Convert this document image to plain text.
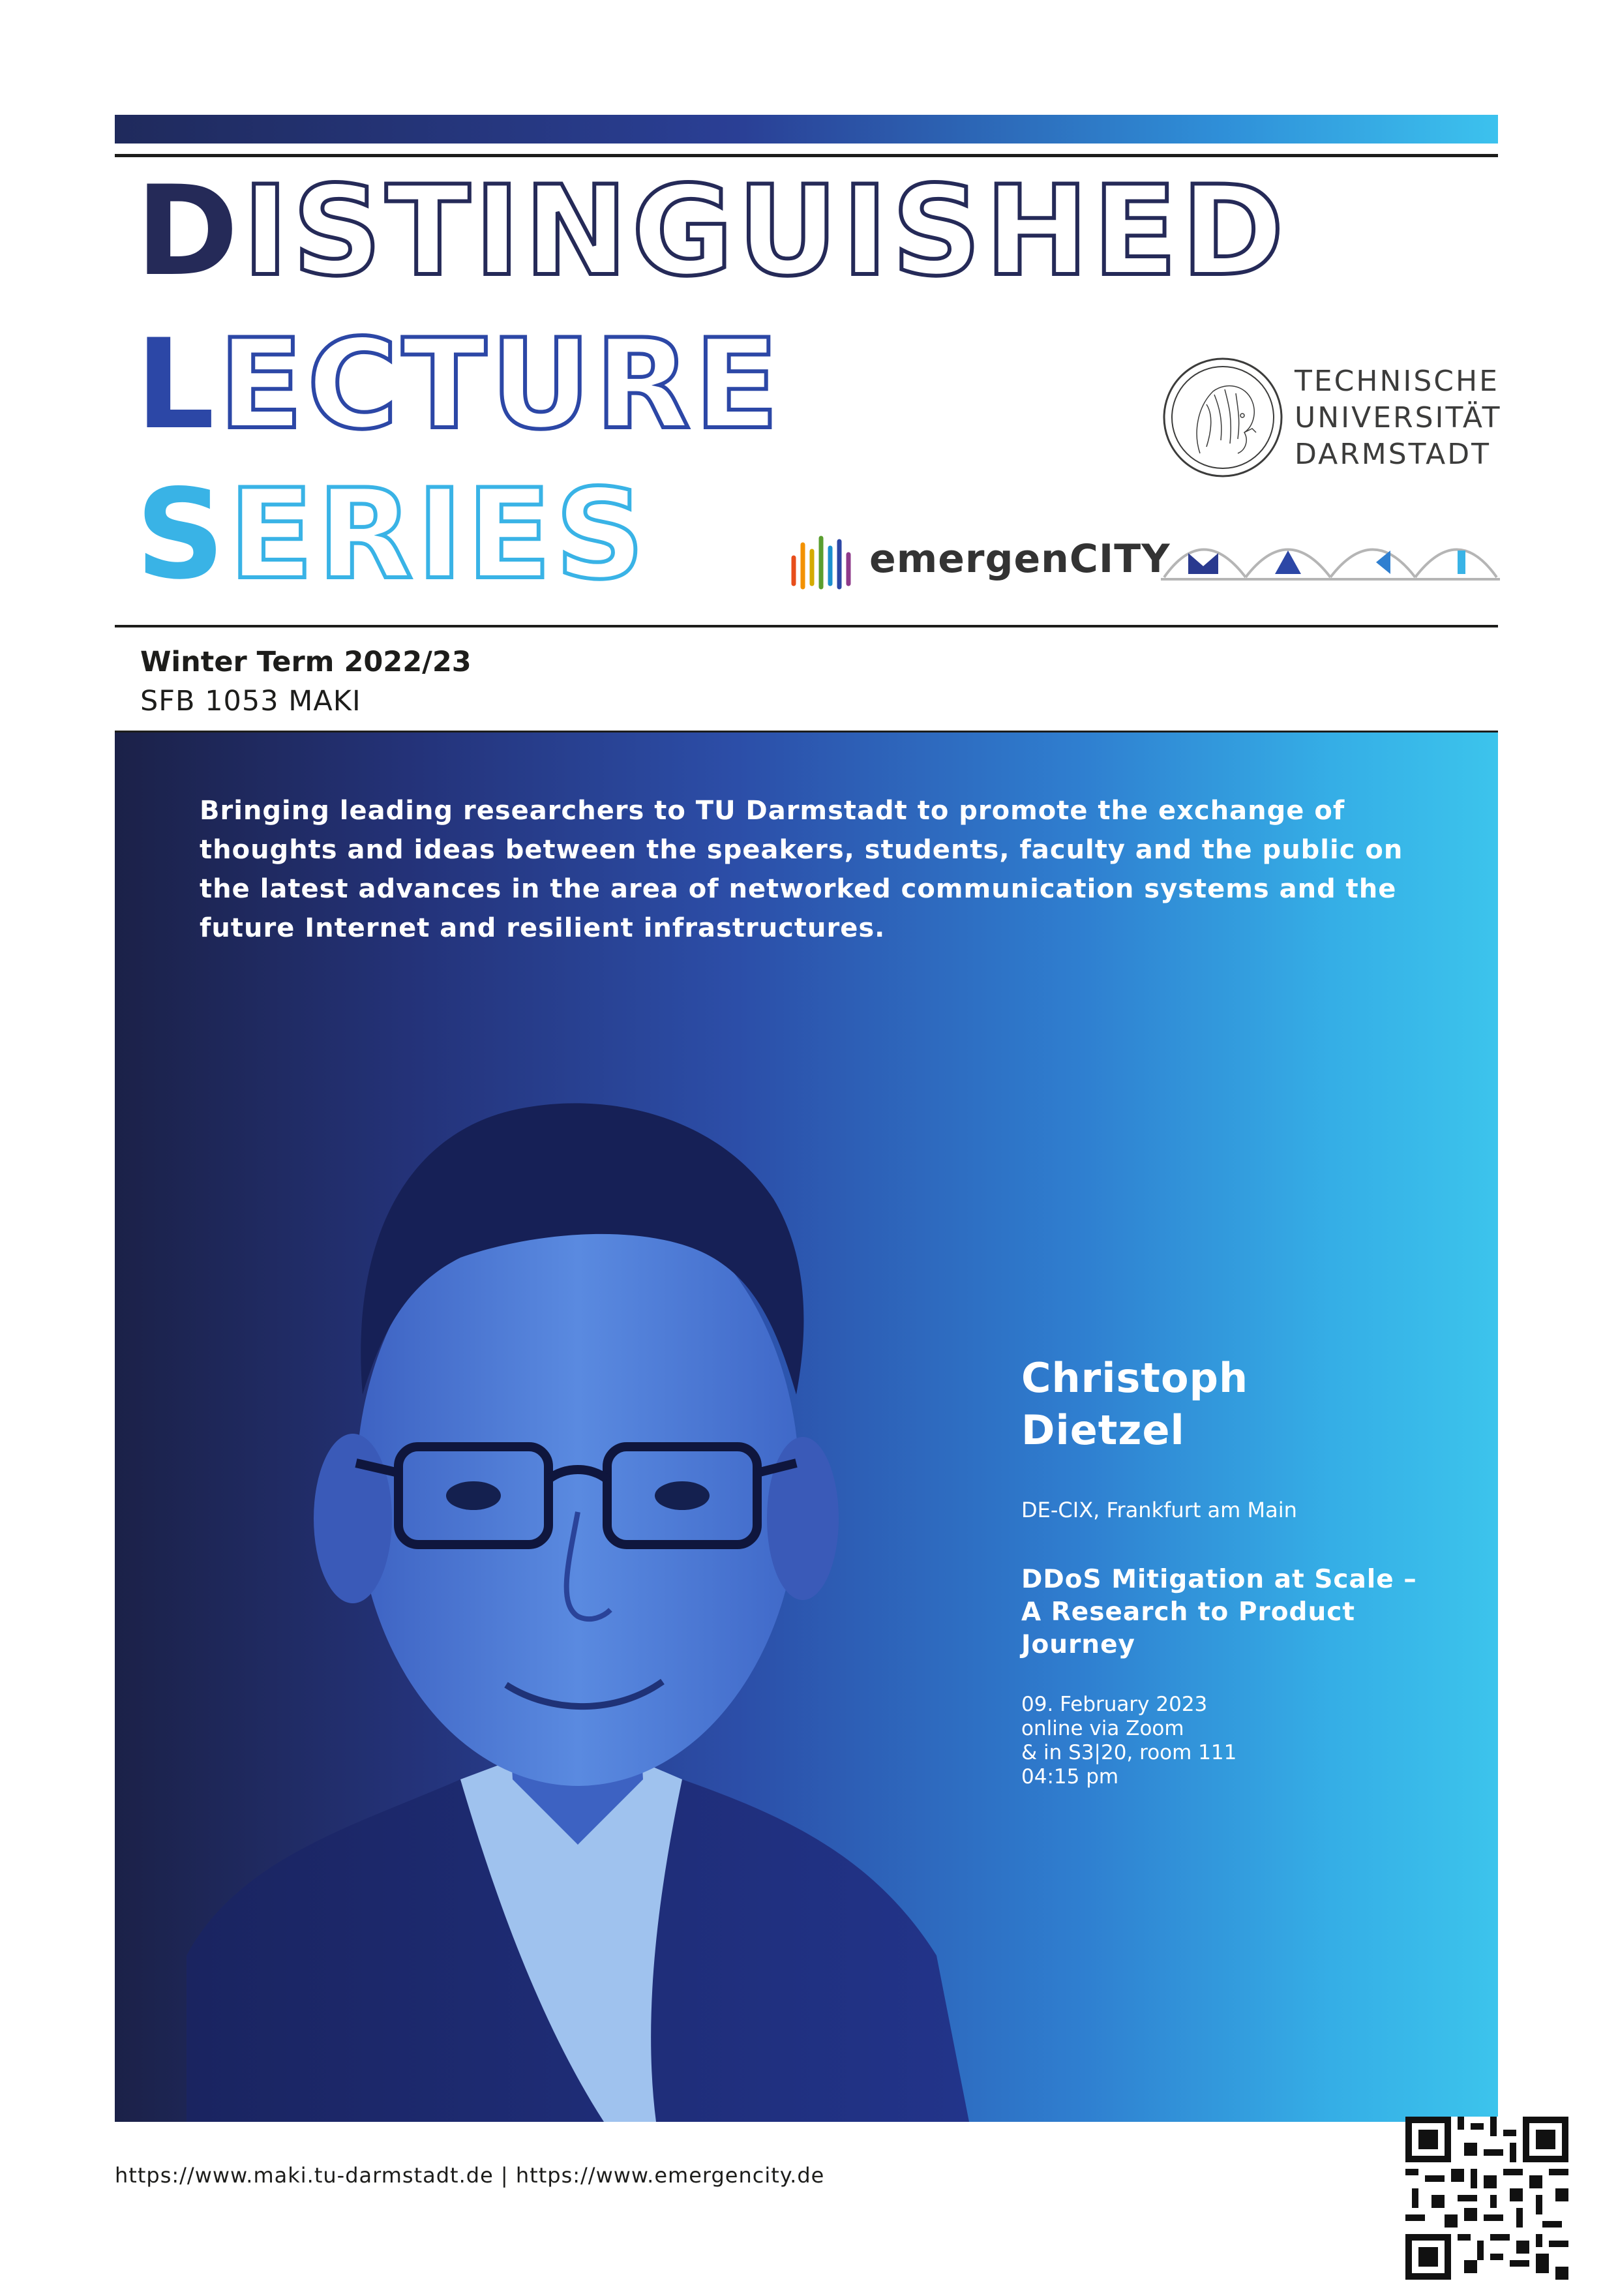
DISTINGUISHED
LECTURE
SERIES
TECHNISCHE
UNIVERSITÄT
DARMSTADT
emergenCITY
Winter Term 2022/23
SFB 1053 MAKI
Bringing leading researchers to TU Darmstadt to promote the exchange of thoughts and ideas between the speakers, students, faculty and the public on the latest advances in the area of networked communication systems and the future Internet and resilient infrastructures.
Christoph
Dietzel
DE-CIX, Frankfurt am Main
DDoS Mitigation at Scale – A Research to Product Journey
09. February 2023
online via Zoom
& in S3|20, room 111
04:15 pm
https://www.maki.tu-darmstadt.de | https://www.emergencity.de
